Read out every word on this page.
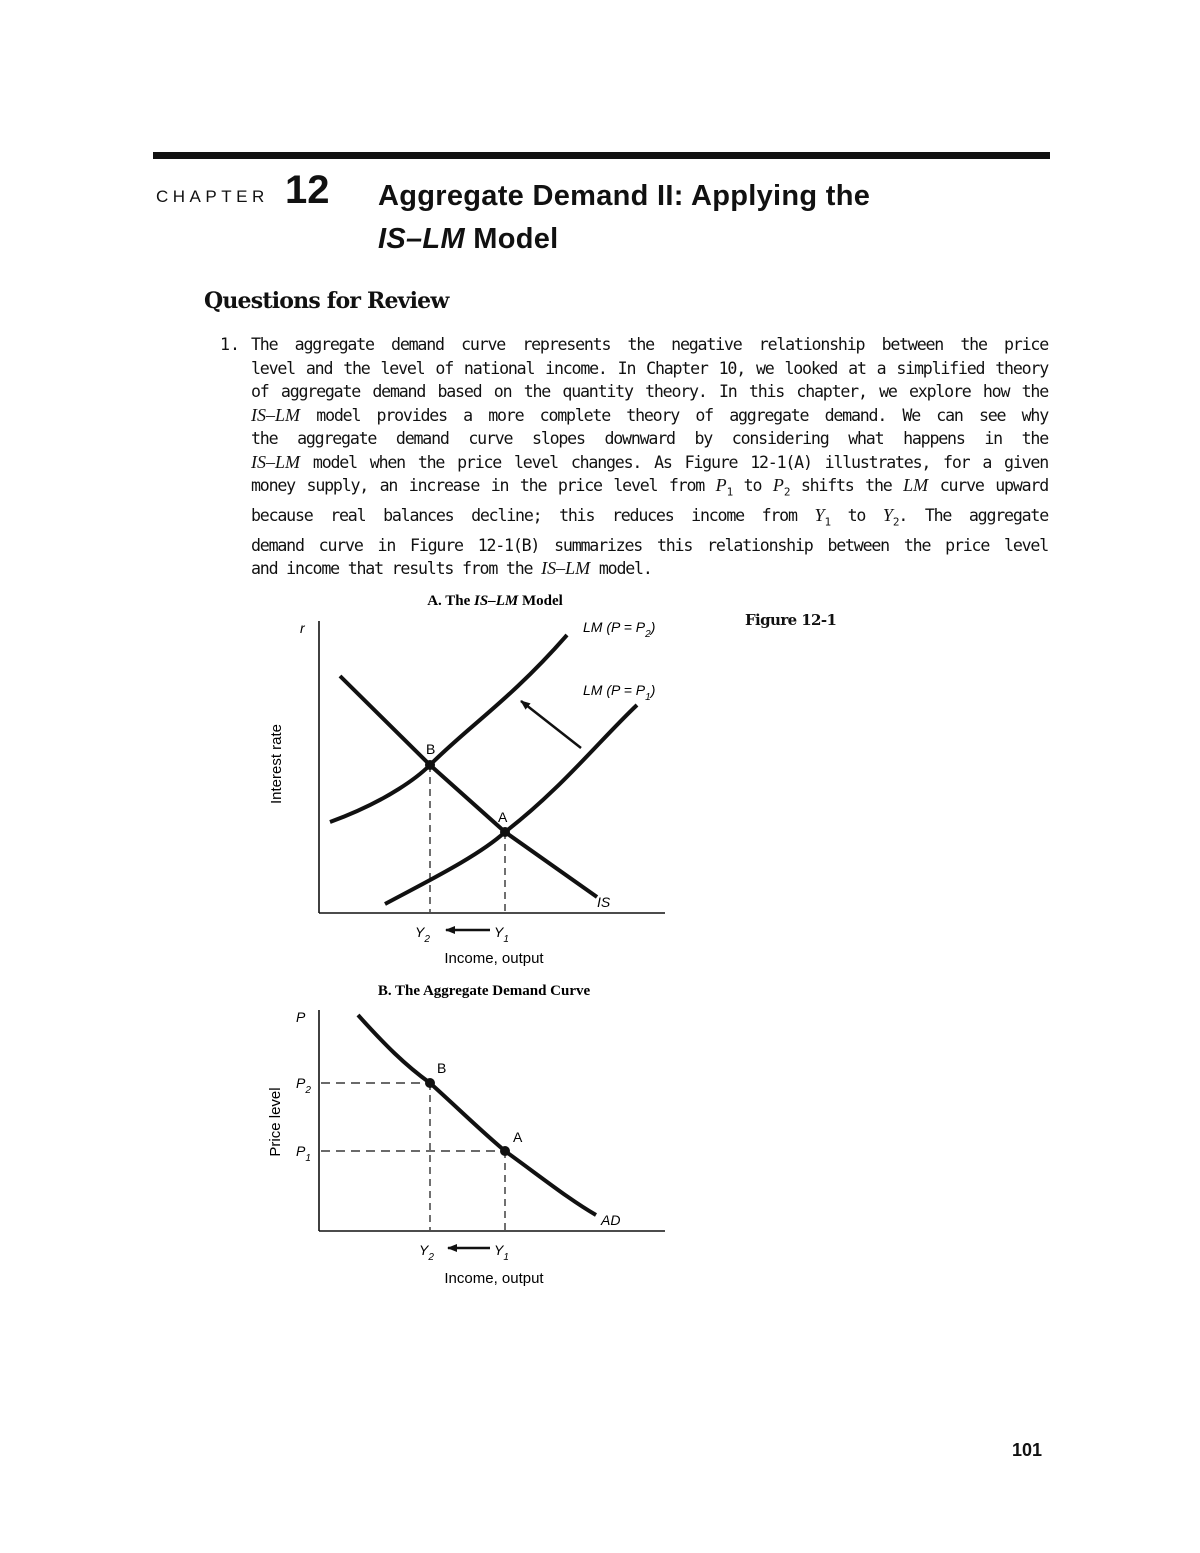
CHAPTER 12 Aggregate Demand II: Applying the
IS–LM Model
Questions for Review
1. The aggregate demand curve represents the negative relationship between the price
level and the level of national income. In Chapter 10, we looked at a simplified theory
of aggregate demand based on the quantity theory. In this chapter, we explore how the
IS–LM model provides a more complete theory of aggregate demand. We can see why
the aggregate demand curve slopes downward by considering what happens in the
IS–LM model when the price level changes. As Figure 12-1(A) illustrates, for a given
money supply, an increase in the price level from $P_1$ to $P_2$ shifts the LM curve upward
because real balances decline; this reduces income from $Y_1$ to $Y_2$. The aggregate
demand curve in Figure 12-1(B) summarizes this relationship between the price level
and income that results from the IS–LM model.
Figure 12-1
A. The IS–LM Model
r
Interest rate	B
A
LM $(P = P_2)$
LM $(P = P_1)$
IS
$Y_2$	$Y_1$
Income, output
B. The Aggregate Demand Curve
P
Price level
B
A
$P_2$
$P_1$
AD
$Y_2$	$Y_1$
Income, output
101
